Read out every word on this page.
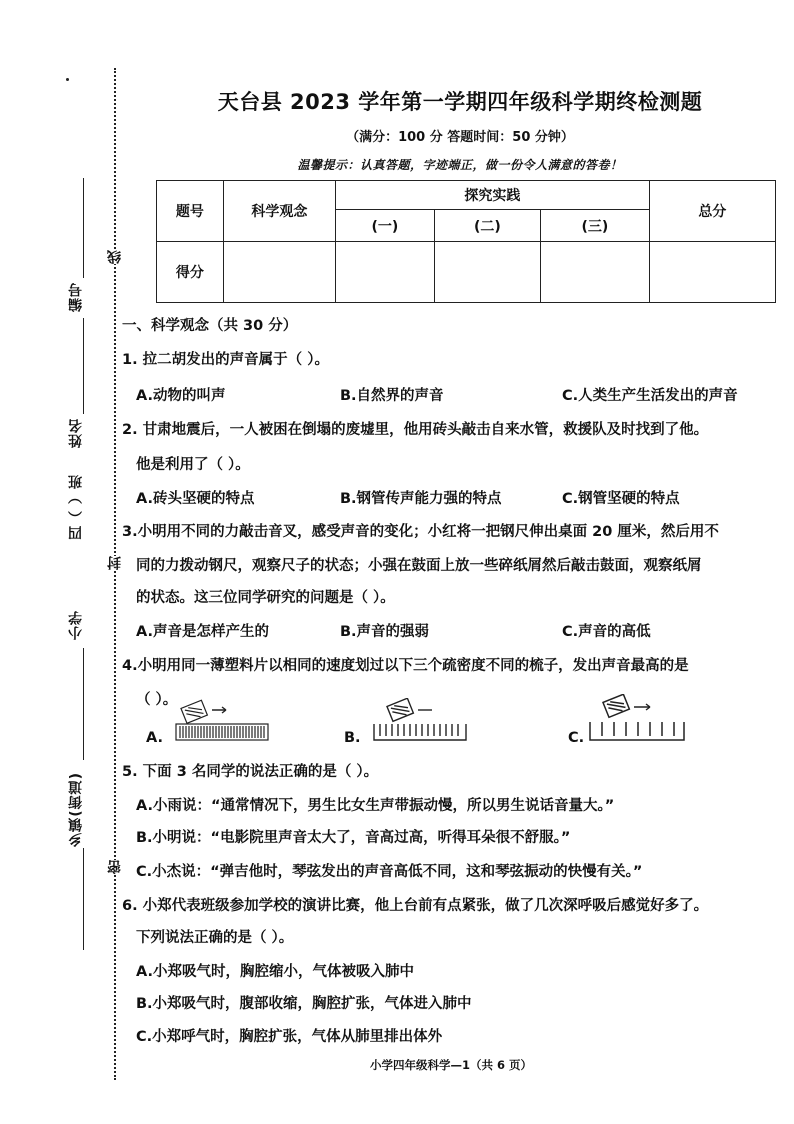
编号
姓名
四（ ）班
小学
乡镇(街道)
线
封
密
天台县 2023 学年第一学期四年级科学期终检测题
（满分：100 分 答题时间：50 分钟）
温馨提示：认真答题，字迹端正，做一份令人满意的答卷！
题号	科学观念	探究实践			总分
		(一)	(二)	(三)	
得分					
一、科学观念（共 30 分）
1. 拉二胡发出的声音属于（ ）。
A.动物的叫声	B.自然界的声音	C.人类生产生活发出的声音
2. 甘肃地震后，一人被困在倒塌的废墟里，他用砖头敲击自来水管，救援队及时找到了他。
他是利用了（ ）。
A.砖头坚硬的特点	B.钢管传声能力强的特点	C.钢管坚硬的特点
3.小明用不同的力敲击音叉，感受声音的变化；小红将一把钢尺伸出桌面 20 厘米，然后用不
同的力拨动钢尺，观察尺子的状态；小强在鼓面上放一些碎纸屑然后敲击鼓面，观察纸屑
的状态。这三位同学研究的问题是（ ）。
A.声音是怎样产生的	B.声音的强弱	C.声音的高低
4.小明用同一薄塑料片以相同的速度划过以下三个疏密度不同的梳子，发出声音最高的是
（ ）。
A.	B.	C.
5. 下面 3 名同学的说法正确的是（ ）。
A.小雨说：“通常情况下，男生比女生声带振动慢，所以男生说话音量大。”
B.小明说：“电影院里声音太大了，音高过高，听得耳朵很不舒服。”
C.小杰说：“弹吉他时，琴弦发出的声音高低不同，这和琴弦振动的快慢有关。”
6. 小郑代表班级参加学校的演讲比赛，他上台前有点紧张，做了几次深呼吸后感觉好多了。
下列说法正确的是（ ）。
A.小郑吸气时，胸腔缩小，气体被吸入肺中
B.小郑吸气时，腹部收缩，胸腔扩张，气体进入肺中
C.小郑呼气时，胸腔扩张，气体从肺里排出体外
小学四年级科学—1（共 6 页）
